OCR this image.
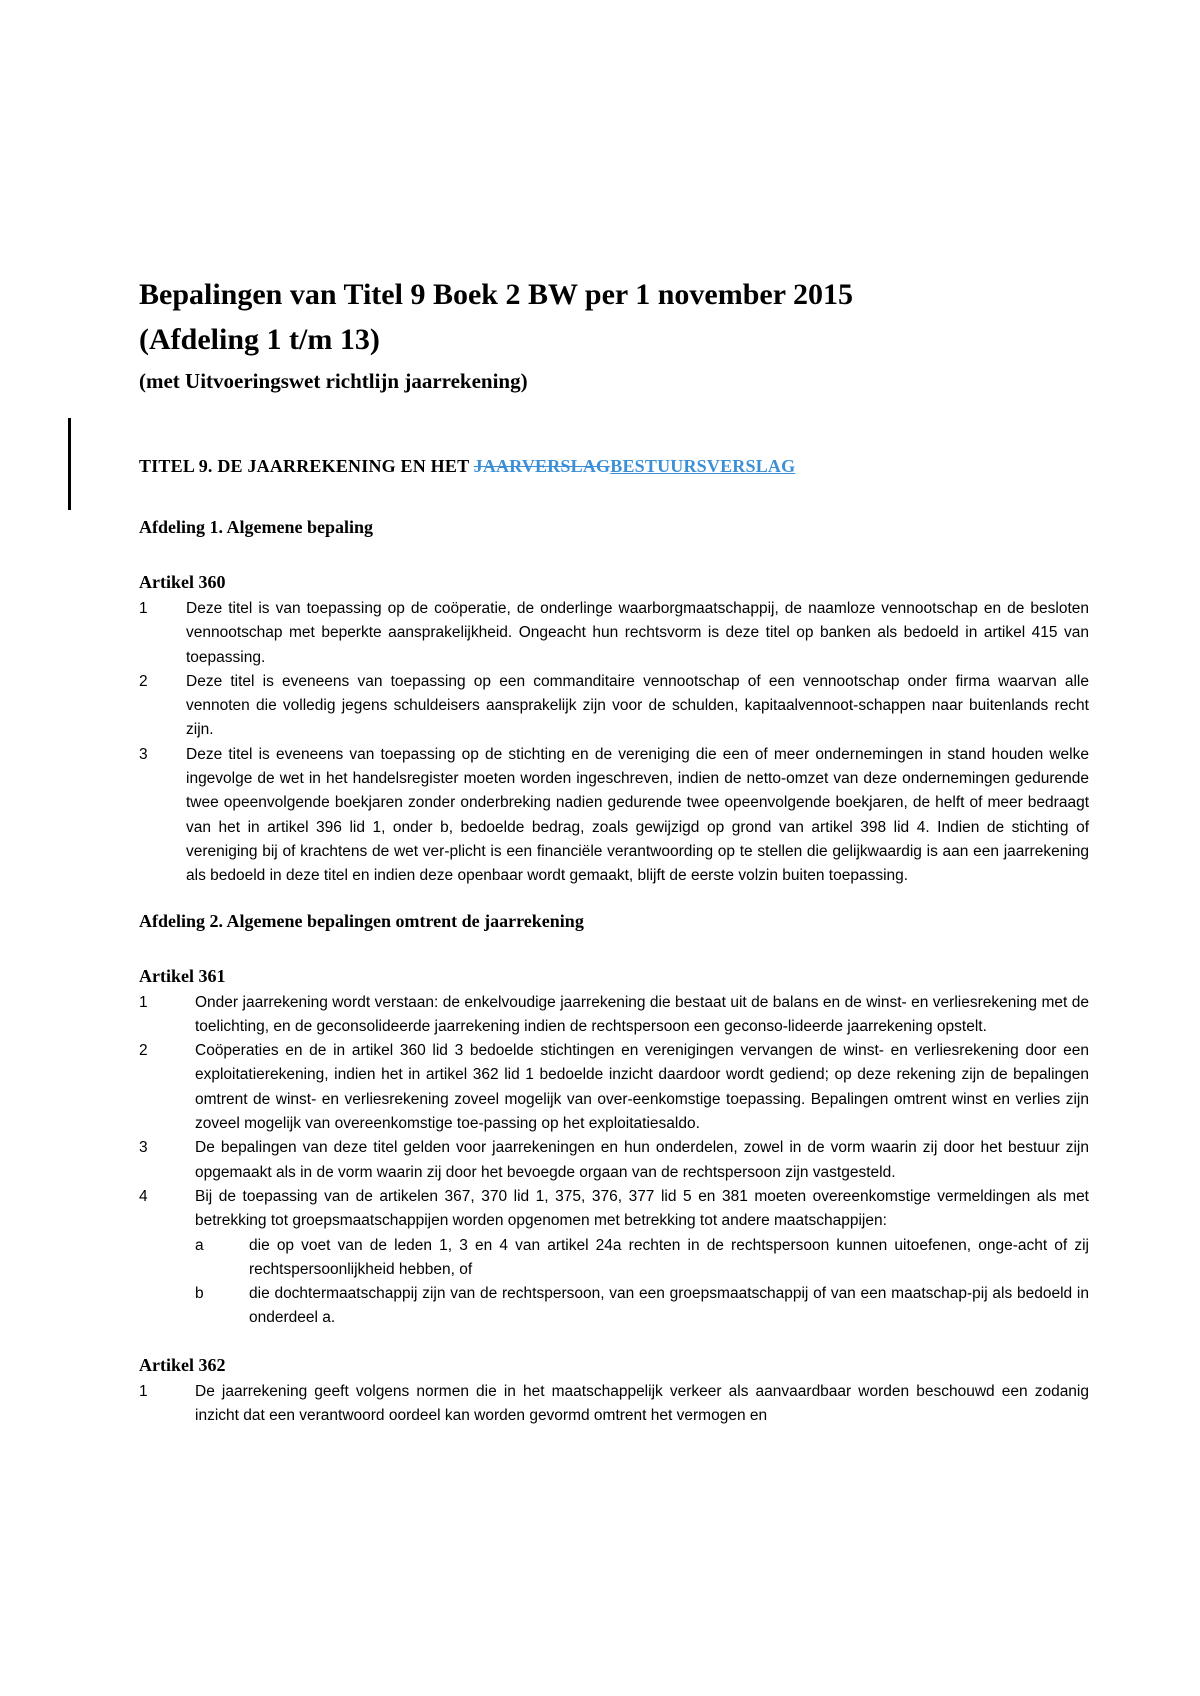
Bepalingen van Titel 9 Boek 2 BW per 1 november 2015

(Afdeling 1 t/m 13)

(met Uitvoeringswet richtlijn jaarrekening)

TITEL 9. DE JAARREKENING EN HET JAARVERSLAGBESTUURSVERSLAG

Afdeling 1. Algemene bepaling

Artikel 360

1	Deze titel is van toepassing op de coöperatie, de onderlinge waarborgmaatschappij, de naamloze vennootschap en de besloten vennootschap met beperkte aansprakelijkheid. Ongeacht hun rechtsvorm is deze titel op banken als bedoeld in artikel 415 van toepassing.
2	Deze titel is eveneens van toepassing op een commanditaire vennootschap of een vennootschap onder firma waarvan alle vennoten die volledig jegens schuldeisers aansprakelijk zijn voor de schulden, kapitaalvennoot-schappen naar buitenlands recht zijn.
3	Deze titel is eveneens van toepassing op de stichting en de vereniging die een of meer ondernemingen in stand houden welke ingevolge de wet in het handelsregister moeten worden ingeschreven, indien de netto-omzet van deze ondernemingen gedurende twee opeenvolgende boekjaren zonder onderbreking nadien gedurende twee opeenvolgende boekjaren, de helft of meer bedraagt van het in artikel 396 lid 1, onder b, bedoelde bedrag, zoals gewijzigd op grond van artikel 398 lid 4. Indien de stichting of vereniging bij of krachtens de wet ver-plicht is een financiële verantwoording op te stellen die gelijkwaardig is aan een jaarrekening als bedoeld in deze titel en indien deze openbaar wordt gemaakt, blijft de eerste volzin buiten toepassing.

Afdeling 2. Algemene bepalingen omtrent de jaarrekening

Artikel 361

1	Onder jaarrekening wordt verstaan: de enkelvoudige jaarrekening die bestaat uit de balans en de winst- en verliesrekening met de toelichting, en de geconsolideerde jaarrekening indien de rechtspersoon een geconso-lideerde jaarrekening opstelt.
2	Coöperaties en de in artikel 360 lid 3 bedoelde stichtingen en verenigingen vervangen de winst- en verliesrekening door een exploitatierekening, indien het in artikel 362 lid 1 bedoelde inzicht daardoor wordt gediend; op deze rekening zijn de bepalingen omtrent de winst- en verliesrekening zoveel mogelijk van over-eenkomstige toepassing. Bepalingen omtrent winst en verlies zijn zoveel mogelijk van overeenkomstige toe-passing op het exploitatiesaldo.
3	De bepalingen van deze titel gelden voor jaarrekeningen en hun onderdelen, zowel in de vorm waarin zij door het bestuur zijn opgemaakt als in de vorm waarin zij door het bevoegde orgaan van de rechtspersoon zijn vastgesteld.
4	Bij de toepassing van de artikelen 367, 370 lid 1, 375, 376, 377 lid 5 en 381 moeten overeenkomstige vermeldingen als met betrekking tot groepsmaatschappijen worden opgenomen met betrekking tot andere maatschappijen:
a	die op voet van de leden 1, 3 en 4 van artikel 24a rechten in de rechtspersoon kunnen uitoefenen, onge-acht of zij rechtspersoonlijkheid hebben, of
b	die dochtermaatschappij zijn van de rechtspersoon, van een groepsmaatschappij of van een maatschap-pij als bedoeld in onderdeel a.

Artikel 362

1	De jaarrekening geeft volgens normen die in het maatschappelijk verkeer als aanvaardbaar worden beschouwd een zodanig inzicht dat een verantwoord oordeel kan worden gevormd omtrent het vermogen en
